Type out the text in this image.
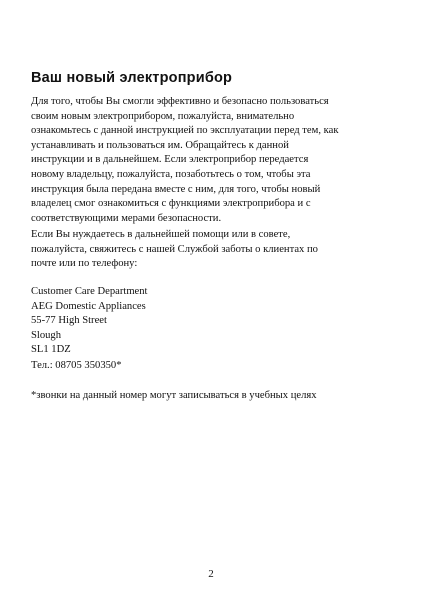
Ваш новый электроприбор
Для того, чтобы Вы смогли эффективно и безопасно пользоваться
своим новым электроприбором, пожалуйста, внимательно
ознакомьтесь с данной инструкцией по эксплуатации перед тем, как
устанавливать и пользоваться им. Обращайтесь к данной
инструкции и в дальнейшем. Если электроприбор передается
новому владельцу, пожалуйста, позаботьтесь о том, чтобы эта
инструкция была передана вместе с ним, для того, чтобы новый
владелец смог ознакомиться с функциями электроприбора и с
соответствующими мерами безопасности.
Если Вы нуждаетесь в дальнейшей помощи или в совете,
пожалуйста, свяжитесь с нашей Службой заботы о клиентах по
почте или по телефону:
Customer Care Department
AEG Domestic Appliances
55-77 High Street
Slough
SL1 1DZ
Тел.: 08705 350350*
*звонки на данный номер могут записываться в учебных целях
2
